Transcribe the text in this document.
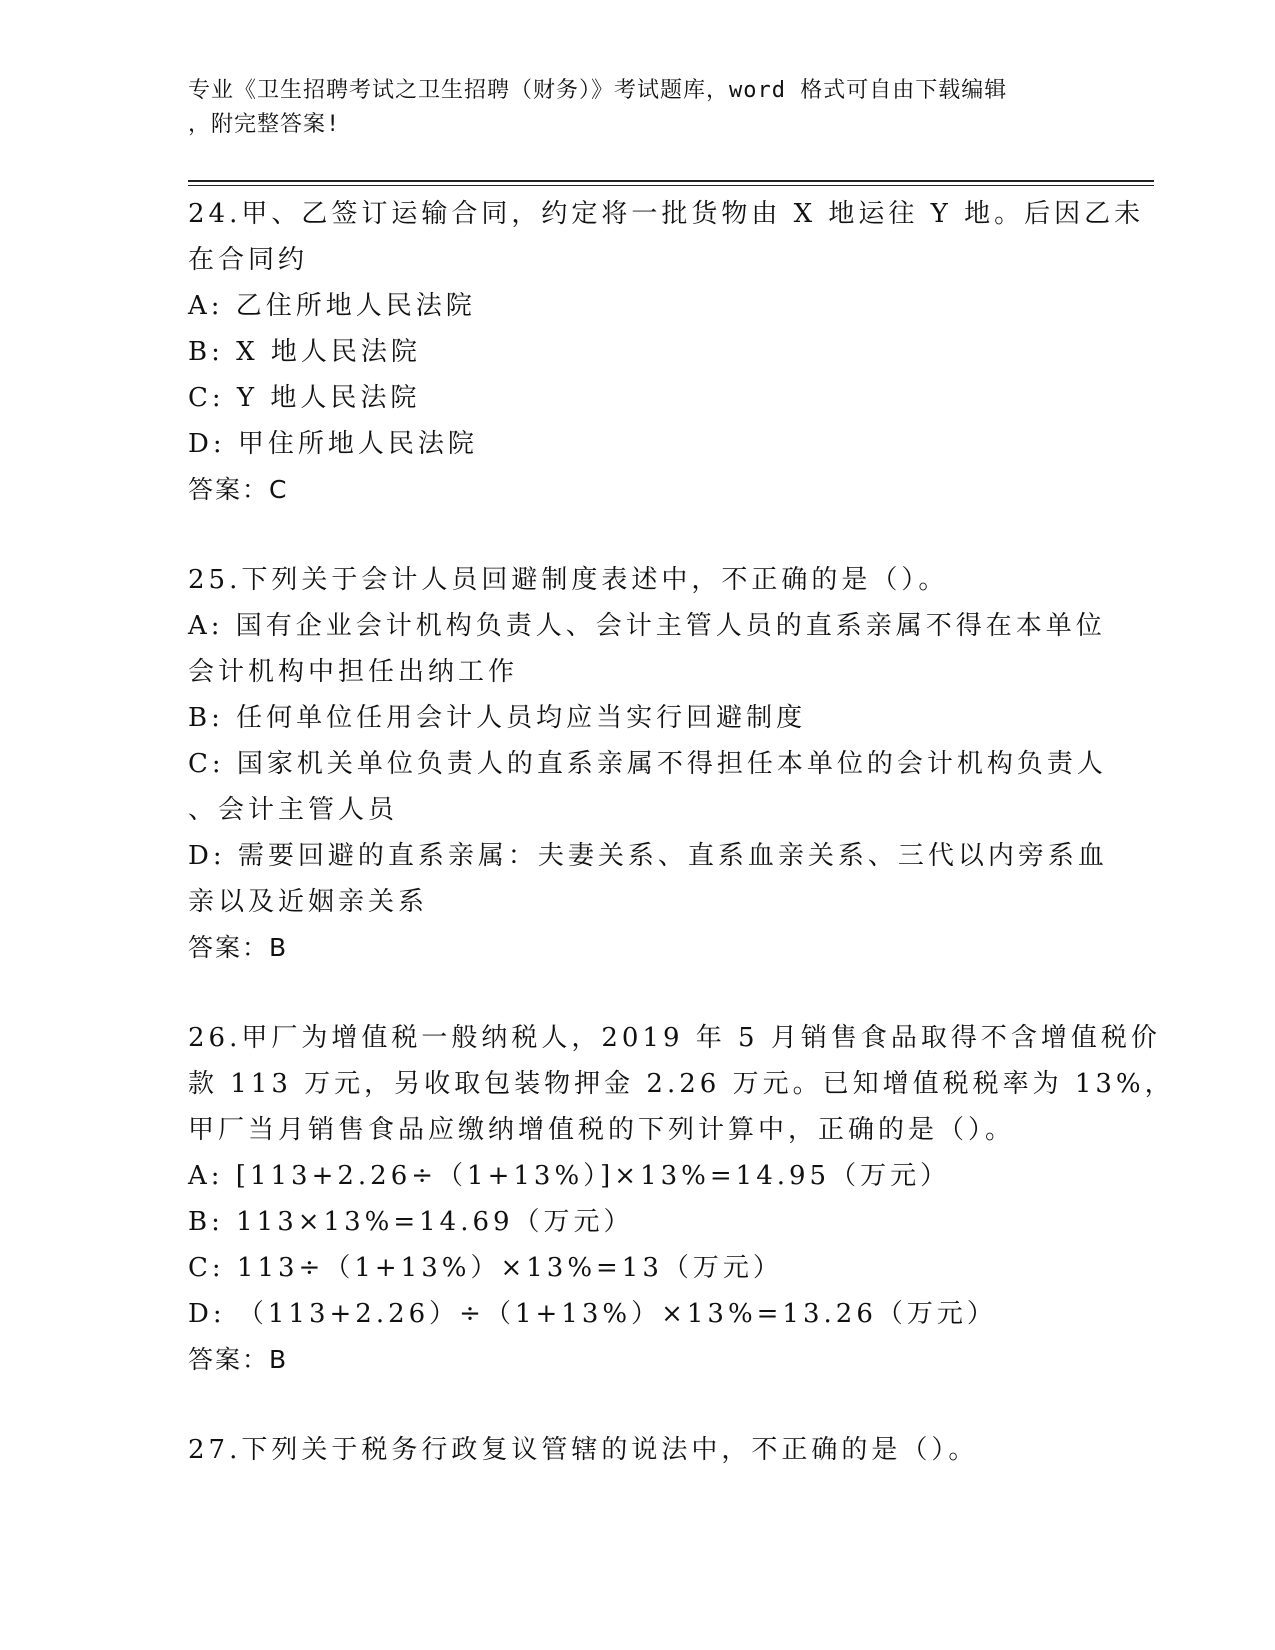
专业《卫生招聘考试之卫生招聘（财务）》考试题库，word 格式可自由下载编辑
，附完整答案!
24.甲、乙签订运输合同，约定将一批货物由 X 地运往 Y 地。后因乙未
在合同约
A: 乙住所地人民法院
B: X 地人民法院
C: Y 地人民法院
D: 甲住所地人民法院
答案：C
25.下列关于会计人员回避制度表述中，不正确的是（）。
A: 国有企业会计机构负责人、会计主管人员的直系亲属不得在本单位
会计机构中担任出纳工作
B: 任何单位任用会计人员均应当实行回避制度
C: 国家机关单位负责人的直系亲属不得担任本单位的会计机构负责人
、会计主管人员
D: 需要回避的直系亲属：夫妻关系、直系血亲关系、三代以内旁系血
亲以及近姻亲关系
答案：B
26.甲厂为增值税一般纳税人，2019 年 5 月销售食品取得不含增值税价
款 113 万元，另收取包装物押金 2.26 万元。已知增值税税率为 13%，
甲厂当月销售食品应缴纳增值税的下列计算中，正确的是（）。
A: [113+2.26÷（1+13%）]×13%=14.95（万元）
B: 113×13%=14.69（万元）
C: 113÷（1+13%）×13%=13（万元）
D: （113+2.26）÷（1+13%）×13%=13.26（万元）
答案：B
27.下列关于税务行政复议管辖的说法中，不正确的是（）。
